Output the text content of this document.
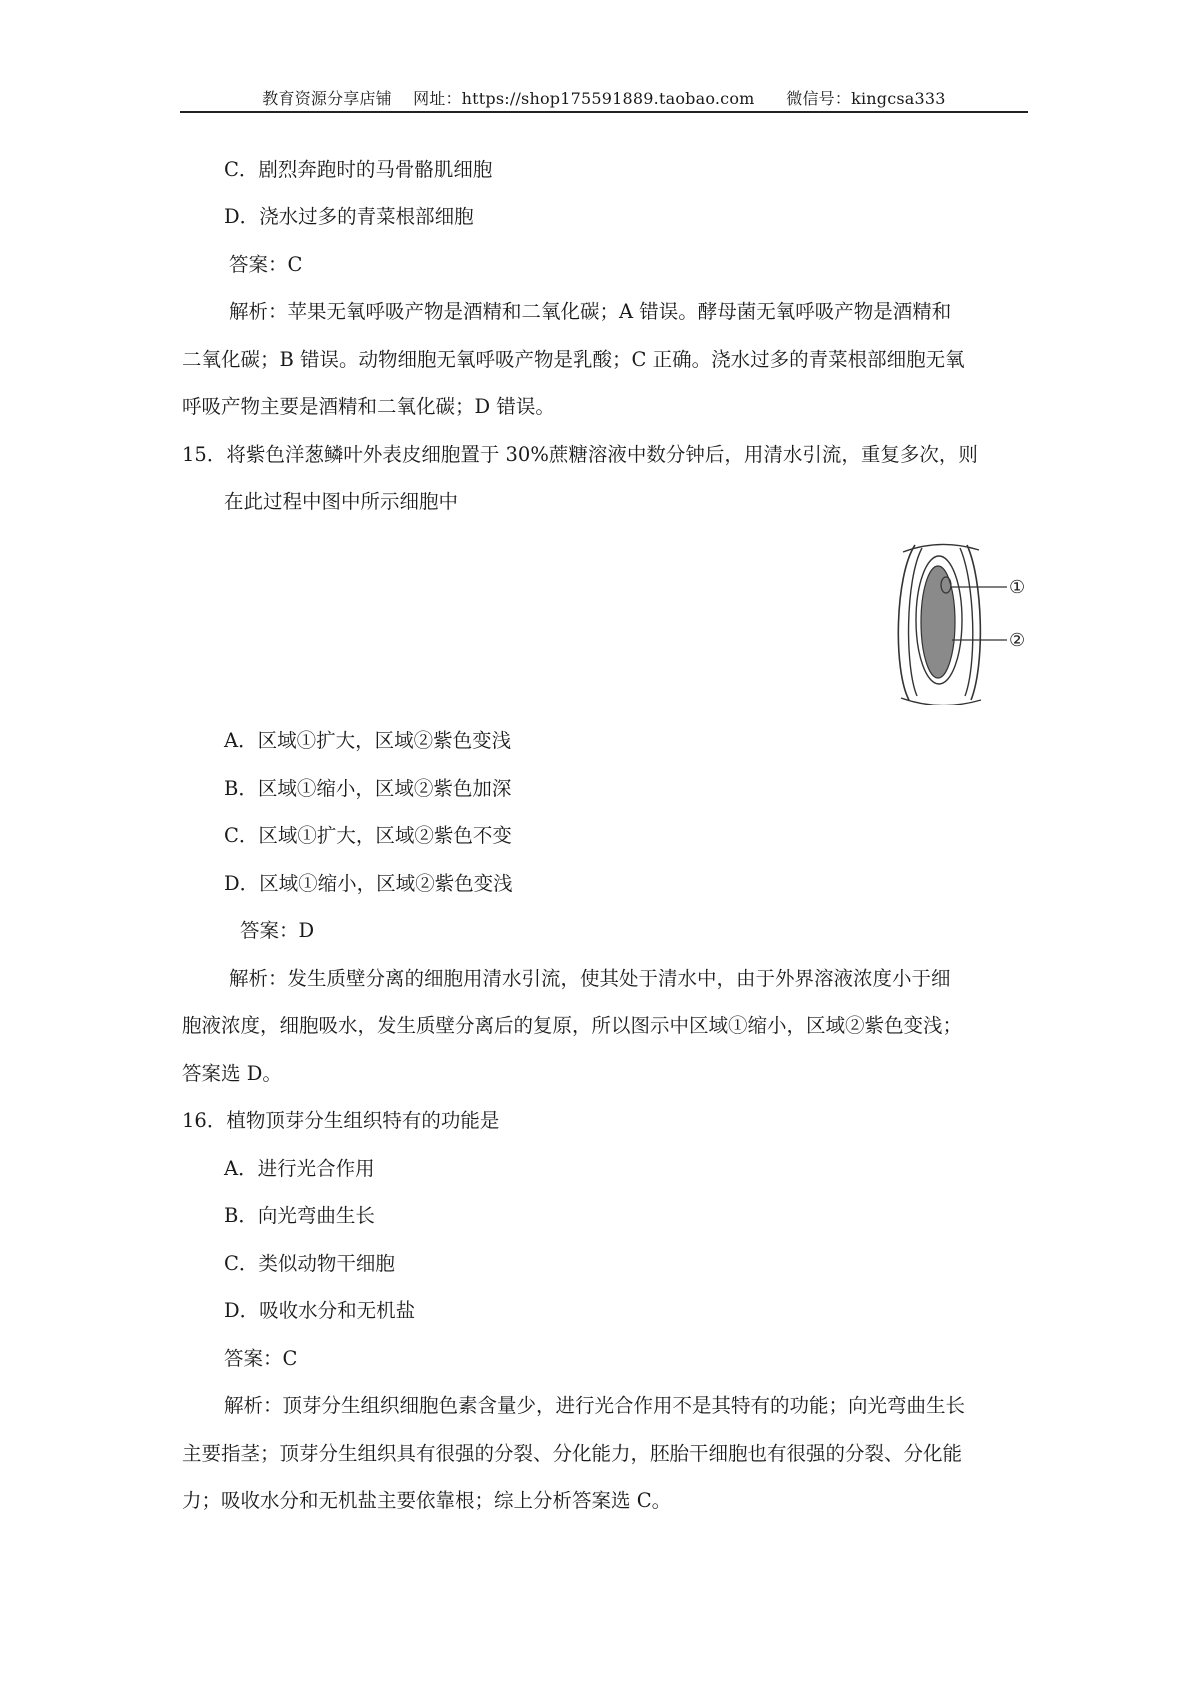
教育资源分享店铺 网址：https://shop175591889.taobao.com 微信号：kingcsa333
C．剧烈奔跑时的马骨骼肌细胞
D．浇水过多的青菜根部细胞
答案：C
解析：苹果无氧呼吸产物是酒精和二氧化碳；A 错误。酵母菌无氧呼吸产物是酒精和
二氧化碳；B 错误。动物细胞无氧呼吸产物是乳酸；C 正确。浇水过多的青菜根部细胞无氧
呼吸产物主要是酒精和二氧化碳；D 错误。
15．将紫色洋葱鳞叶外表皮细胞置于 30%蔗糖溶液中数分钟后，用清水引流，重复多次，则
在此过程中图中所示细胞中
①
②
A．区域①扩大，区域②紫色变浅
B．区域①缩小，区域②紫色加深
C．区域①扩大，区域②紫色不变
D．区域①缩小，区域②紫色变浅
答案：D
解析：发生质壁分离的细胞用清水引流，使其处于清水中，由于外界溶液浓度小于细
胞液浓度，细胞吸水，发生质壁分离后的复原，所以图示中区域①缩小，区域②紫色变浅；
答案选 D。
16．植物顶芽分生组织特有的功能是
A．进行光合作用
B．向光弯曲生长
C．类似动物干细胞
D．吸收水分和无机盐
答案：C
解析：顶芽分生组织细胞色素含量少，进行光合作用不是其特有的功能；向光弯曲生长
主要指茎；顶芽分生组织具有很强的分裂、分化能力，胚胎干细胞也有很强的分裂、分化能
力；吸收水分和无机盐主要依靠根；综上分析答案选 C。
